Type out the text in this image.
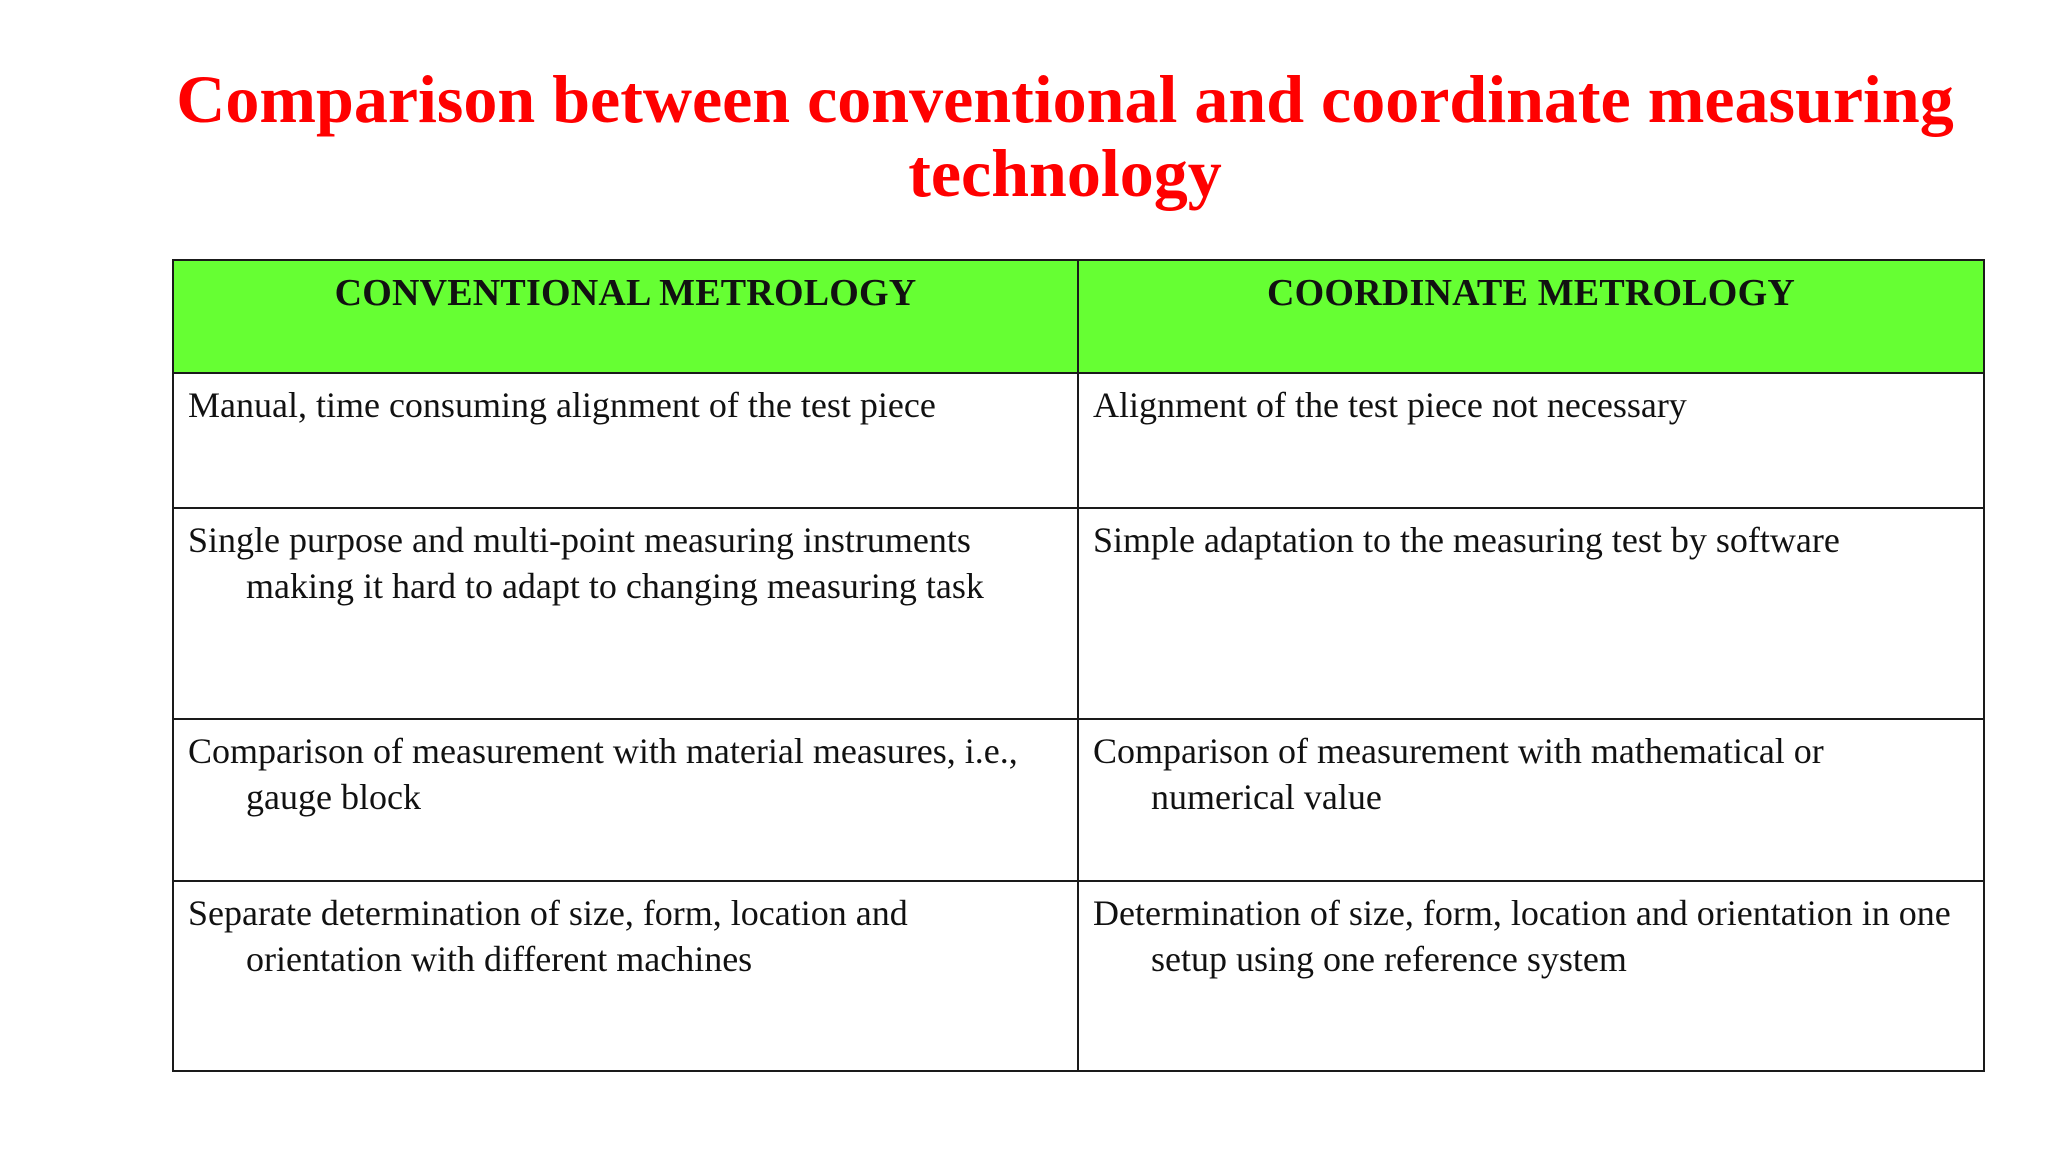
Comparison between conventional and coordinate measuring technology
CONVENTIONAL METROLOGY	COORDINATE METROLOGY

Manual, time consuming alignment of the test piece	Alignment of the test piece not necessary

Single purpose and multi-point measuring instruments making it hard to adapt to changing measuring task	Simple adaptation to the measuring test by software

Comparison of measurement with material measures, i.e., gauge block	Comparison of measurement with mathematical or numerical value

Separate determination of size, form, location and orientation with different machines	Determination of size, form, location and orientation in one setup using one reference system
